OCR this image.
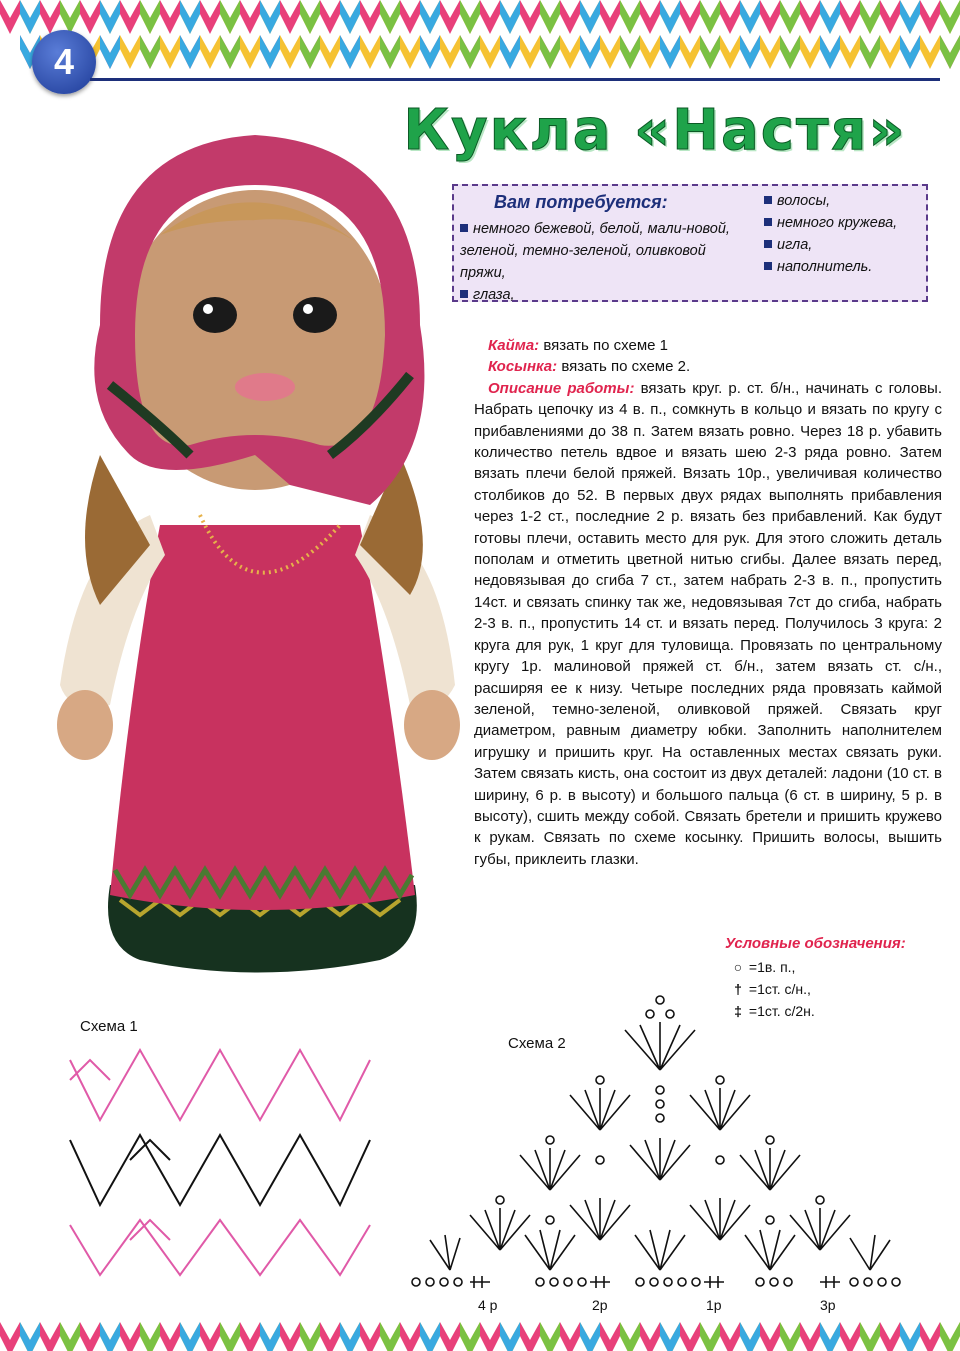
4
Кукла «Настя»
Вам потребуется:
немного бежевой, белой, мали-новой, зеленой, темно-зеленой, оливковой пряжи,
глаза,
волосы,
немного кружева,
игла,
наполнитель.
Кайма: вязать по схеме 1
Косынка: вязать по схеме 2.
Описание работы: вязать круг. р. ст. б/н., начинать с головы. Набрать цепочку из 4 в. п., сомкнуть в кольцо и вязать по кругу с прибавлениями до 38 п. Затем вязать ровно. Через 18 р. убавить количество петель вдвое и вязать шею 2-3 ряда ровно. Затем вязать плечи белой пряжей. Вязать 10р., увеличивая количество столбиков до 52. В первых двух рядах выполнять прибавления через 1-2 ст., последние 2 р. вязать без прибавлений. Как будут готовы плечи, оставить место для рук. Для этого сложить деталь пополам и отметить цветной нитью сгибы. Далее вязать перед, недовязывая до сгиба 7 ст., затем набрать 2-3 в. п., пропустить 14ст. и связать спинку так же, недовязывая 7ст до сгиба, набрать 2-3 в. п., пропустить 14 ст. и вязать перед. Получилось 3 круга: 2 круга для рук, 1 круг для туловища. Провязать по центральному кругу 1р. малиновой пряжей ст. б/н., затем вязать ст. с/н., расширяя ее к низу. Четыре последних ряда провязать каймой зеленой, темно-зеленой, оливковой пряжей. Связать круг диаметром, равным диаметру юбки. Заполнить наполнителем игрушку и пришить круг. На оставленных местах связать руки. Затем связать кисть, она состоит из двух деталей: ладони (10 ст. в ширину, 6 р. в высоту) и большого пальца (6 ст. в ширину, 5 р. в высоту), сшить между собой. Связать бретели и пришить кружево к рукам. Связать по схеме косынку. Пришить волосы, вышить губы, приклеить глазки.
Условные обозначения:
○ =1в. п.,
† =1ст. с/н.,
‡ =1ст. с/2н.
Схема 1
Схема 2
4 р	2р	1р	3р
